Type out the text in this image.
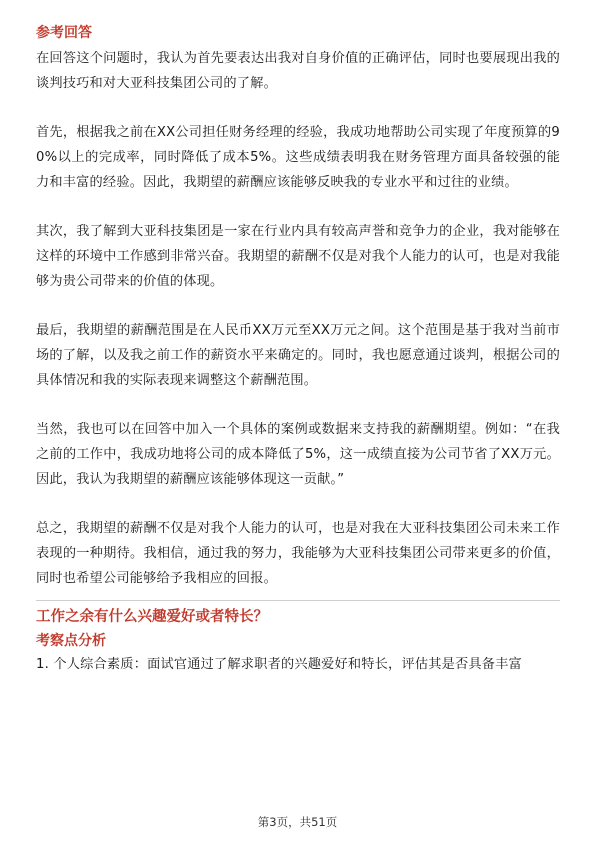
参考回答

在回答这个问题时，我认为首先要表达出我对自身价值的正确评估，同时也要展现出我的谈判技巧和对大亚科技集团公司的了解。

首先，根据我之前在XX公司担任财务经理的经验，我成功地帮助公司实现了年度预算的90%以上的完成率，同时降低了成本5%。这些成绩表明我在财务管理方面具备较强的能力和丰富的经验。因此，我期望的薪酬应该能够反映我的专业水平和过往的业绩。

其次，我了解到大亚科技集团是一家在行业内具有较高声誉和竞争力的企业，我对能够在这样的环境中工作感到非常兴奋。我期望的薪酬不仅是对我个人能力的认可，也是对我能够为贵公司带来的价值的体现。

最后，我期望的薪酬范围是在人民币XX万元至XX万元之间。这个范围是基于我对当前市场的了解，以及我之前工作的薪资水平来确定的。同时，我也愿意通过谈判，根据公司的具体情况和我的实际表现来调整这个薪酬范围。

当然，我也可以在回答中加入一个具体的案例或数据来支持我的薪酬期望。例如：“在我之前的工作中，我成功地将公司的成本降低了5%，这一成绩直接为公司节省了XX万元。因此，我认为我期望的薪酬应该能够体现这一贡献。”

总之，我期望的薪酬不仅是对我个人能力的认可，也是对我在大亚科技集团公司未来工作表现的一种期待。我相信，通过我的努力，我能够为大亚科技集团公司带来更多的价值，同时也希望公司能够给予我相应的回报。

工作之余有什么兴趣爱好或者特长？
考察点分析

1. 个人综合素质：面试官通过了解求职者的兴趣爱好和特长，评估其是否具备丰富

第3页，共51页
